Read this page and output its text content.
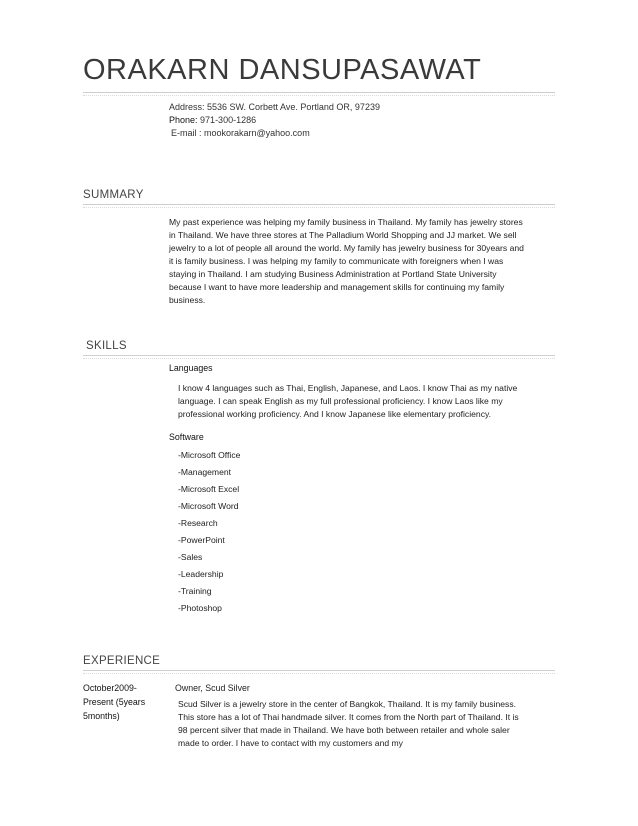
ORAKARN DANSUPASAWAT
Address: 5536 SW. Corbett Ave. Portland OR, 97239
Phone: 971-300-1286
E-mail : mookorakarn@yahoo.com
SUMMARY
My past experience was helping my family business in Thailand. My family has jewelry stores in Thailand. We have three stores at The Palladium World Shopping and JJ market. We sell jewelry to a lot of people all around the world. My family has jewelry business for 30years and it is family business. I was helping my family to communicate with foreigners when I was staying in Thailand. I am studying Business Administration at Portland State University because I want to have more leadership and management skills for continuing my family business.
SKILLS
Languages
I know 4 languages such as Thai, English, Japanese, and Laos. I know Thai as my native language. I can speak English as my full professional proficiency. I know Laos like my professional working proficiency. And I know Japanese like elementary proficiency.
Software
-Microsoft Office
-Management
-Microsoft Excel
-Microsoft Word
-Research
-PowerPoint
-Sales
-Leadership
-Training
-Photoshop
EXPERIENCE
October2009- Present (5years 5months)
Owner, Scud Silver
Scud Silver is a jewelry store in the center of Bangkok, Thailand. It is my family business. This store has a lot of Thai handmade silver. It comes from the North part of Thailand. It is 98 percent silver that made in Thailand. We have both between retailer and whole saler made to order. I have to contact with my customers and my
